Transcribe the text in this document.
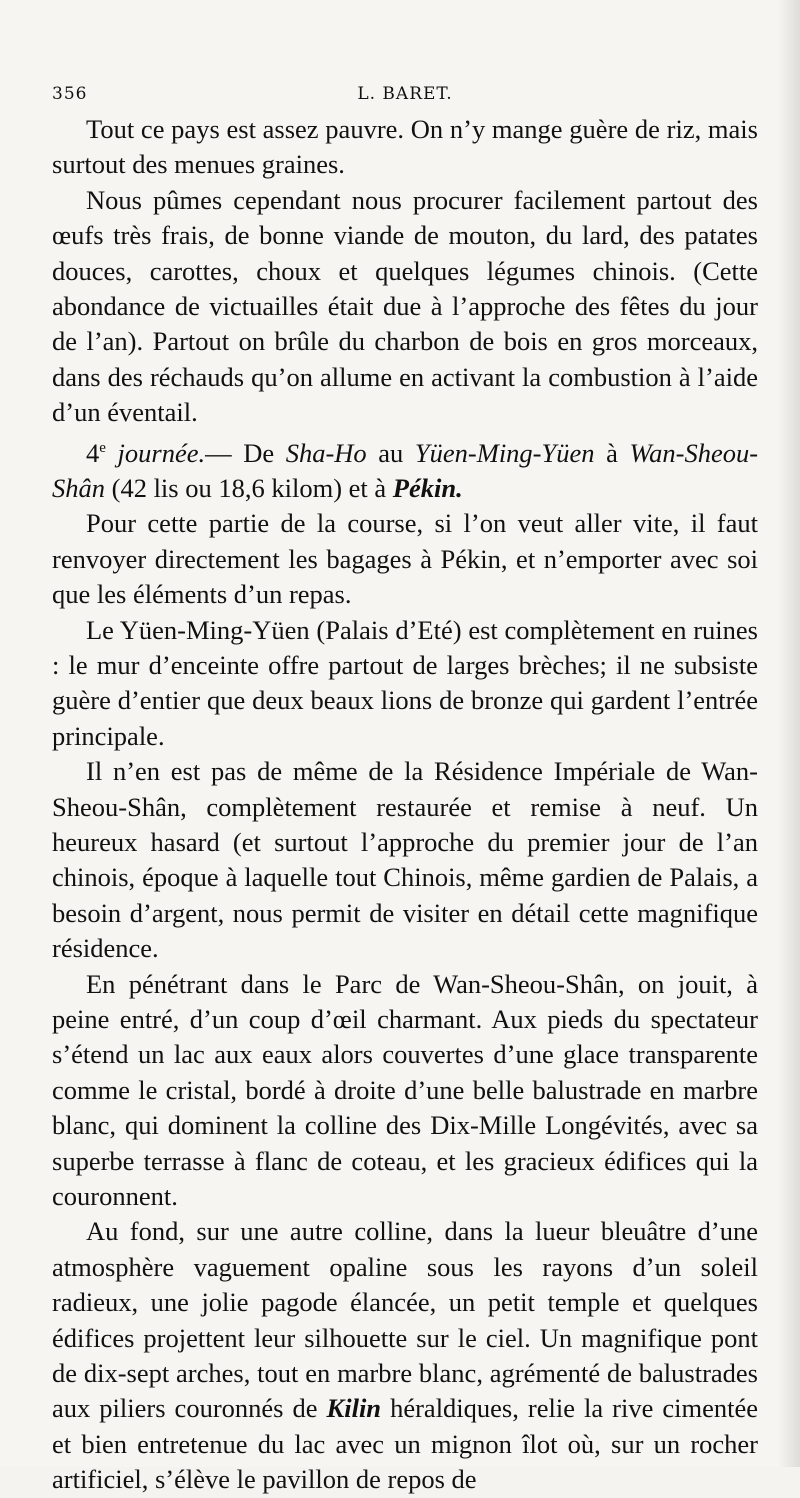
356	L. BARET.

Tout ce pays est assez pauvre. On n’y mange guère de riz, mais surtout des menues graines.

Nous pûmes cependant nous procurer facilement partout des œufs très frais, de bonne viande de mouton, du lard, des patates douces, carottes, choux et quelques légumes chinois. (Cette abondance de victuailles était due à l’approche des fêtes du jour de l’an). Partout on brûle du charbon de bois en gros morceaux, dans des réchauds qu’on allume en activant la combustion à l’aide d’un éventail.

4e journée.— De Sha-Ho au Yüen-Ming-Yüen à Wan-Sheou-Shân (42 lis ou 18,6 kilom) et à Pékin.

Pour cette partie de la course, si l’on veut aller vite, il faut renvoyer directement les bagages à Pékin, et n’emporter avec soi que les éléments d’un repas.

Le Yüen-Ming-Yüen (Palais d’Eté) est complètement en ruines : le mur d’enceinte offre partout de larges brèches; il ne subsiste guère d’entier que deux beaux lions de bronze qui gardent l’entrée principale.

Il n’en est pas de même de la Résidence Impériale de Wan-Sheou-Shân, complètement restaurée et remise à neuf. Un heureux hasard (et surtout l’approche du premier jour de l’an chinois, époque à laquelle tout Chinois, même gardien de Palais, a besoin d’argent, nous permit de visiter en détail cette magnifique résidence.

En pénétrant dans le Parc de Wan-Sheou-Shân, on jouit, à peine entré, d’un coup d’œil charmant. Aux pieds du spectateur s’étend un lac aux eaux alors couvertes d’une glace transparente comme le cristal, bordé à droite d’une belle balustrade en marbre blanc, qui dominent la colline des Dix-Mille Longévités, avec sa superbe terrasse à flanc de coteau, et les gracieux édifices qui la couronnent.

Au fond, sur une autre colline, dans la lueur bleuâtre d’une atmosphère vaguement opaline sous les rayons d’un soleil radieux, une jolie pagode élancée, un petit temple et quelques édifices projettent leur silhouette sur le ciel. Un magnifique pont de dix-sept arches, tout en marbre blanc, agrémenté de balustrades aux piliers couronnés de Kilin héraldiques, relie la rive cimentée et bien entretenue du lac avec un mignon îlot où, sur un rocher artificiel, s’élève le pavillon de repos de
